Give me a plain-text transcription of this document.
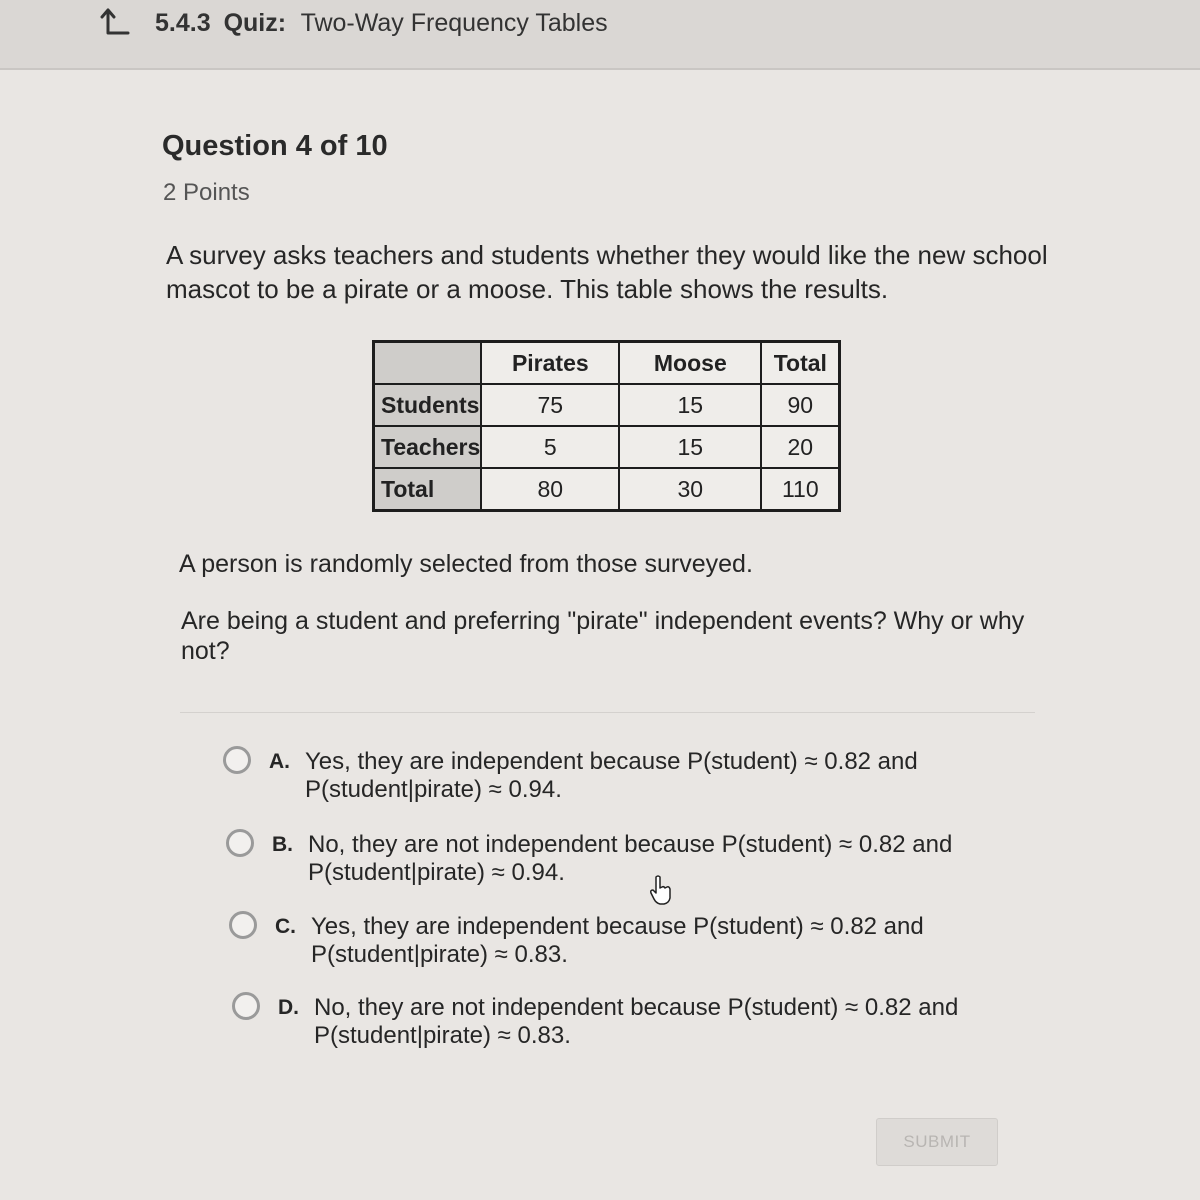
5.4.3 Quiz: Two-Way Frequency Tables
Question 4 of 10
2 Points
A survey asks teachers and students whether they would like the new school mascot to be a pirate or a moose. This table shows the results.
	Pirates	Moose	Total
Students	75	15	90
Teachers	5	15	20
Total	80	30	110
A person is randomly selected from those surveyed.
Are being a student and preferring "pirate" independent events? Why or why not?
A. Yes, they are independent because P(student) ≈ 0.82 and
P(student|pirate) ≈ 0.94.
B. No, they are not independent because P(student) ≈ 0.82 and
P(student|pirate) ≈ 0.94.
C. Yes, they are independent because P(student) ≈ 0.82 and
P(student|pirate) ≈ 0.83.
D. No, they are not independent because P(student) ≈ 0.82 and
P(student|pirate) ≈ 0.83.
SUBMIT
